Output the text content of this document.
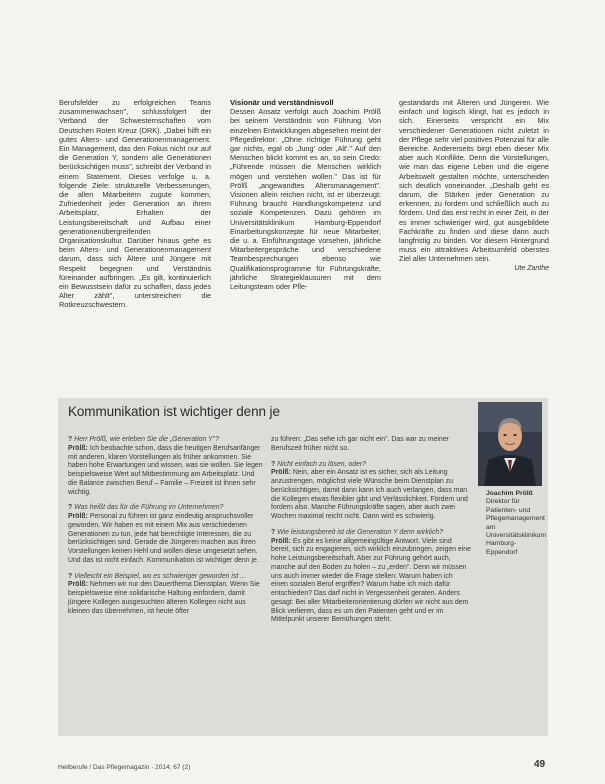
Berufsfelder zu erfolgreichen Teams zusammenwachsen", schlussfolgert der Verband der Schwesternschaften vom Deutschen Roten Kreuz (DRK). „Dabei hilft ein gutes Alters- und Generationenmanagement. Ein Management, das den Fokus nicht nur auf die Generation Y, sondern alle Generationen berücksichtigen muss", schreibt der Verband in einem Statement. Dieses verfolge u. a. folgende Ziele: strukturelle Verbesserungen, die allen Mitarbeitern zugute kommen, Zufriedenheit jeder Generation an ihrem Arbeitsplatz, Erhalten der Leistungsbereitschaft und Aufbau einer generationenübergreifenden Organisationskultur. Darüber hinaus gehe es beim Alters- und Generationenmanagement darum, dass sich Ältere und Jüngere mit Respekt begegnen und Verständnis füreinander aufbringen. „Es gilt, kontinuierlich ein Bewusstsein dafür zu schaffen, dass jedes Alter zählt", unterstreichen die Rotkreuzschwestern.

Visionär und verständnisvoll

Dessen Ansatz verfolgt auch Joachim Prölß bei seinem Verständnis von Führung. Von einzelnen Entwicklungen abgesehen meint der Pflegedirektor: „Ohne richtige Führung geht gar nichts, egal ob ‚Jung' oder ‚Alt'." Auf den Menschen blickt kommt es an, so sein Credo: „Führende müssen die Menschen wirklich mögen und verstehen wollen." Das ist für Prölß „angewandtes Altersmanagement". Visionen allein reichen nicht, ist er überzeugt: Führung braucht Handlungskompetenz und soziale Kompetenzen. Dazu gehören im Universitätsklinikum Hamburg-Eppendorf Einarbeitungskonzepte für neue Mitarbeiter, die u. a. Einführungstage vorsehen, jährliche Mitarbeitergespräche und verschiedene Teambesprechungen ebenso wie Qualifikationsprogramme für Führungskräfte, jährliche Strategieklausuren mit dem Leitungsteam oder Pfle-

gestandards mit Älteren und Jüngeren. Wie einfach und logisch klingt, hat es jedoch in sich. Einerseits verspricht ein Mix verschiedener Generationen nicht zuletzt in der Pflege sehr viel positives Potenzial für alle Bereiche. Andererseits birgt eben dieser Mix aber auch Konflikte. Denn die Vorstellungen, wie man das eigene Leben und die eigene Arbeitswelt gestalten möchte, unterscheiden sich deutlich voneinander. „Deshalb geht es darum, die Stärken jeder Generation zu erkennen, zu fordern und schließlich auch zu fördern. Und das erst recht in einer Zeit, in der es immer schwieriger wird, gut ausgebildete Fachkräfte zu finden und diese dann auch langfristig zu binden. Vor diesem Hintergrund muss ein attraktives Arbeitsumfeld oberstes Ziel aller Unternehmen sein.

Ute Zanthe

Kommunikation ist wichtiger denn je

? Herr Prölß, wie erleben Sie die „Generation Y"?

Prölß: Ich beobachte schon, dass die heutigen Berufsanfänger mit anderen, klaren Vorstellungen als früher ankommen. Sie haben hohe Erwartungen und wissen, was sie wollen. Sie legen beispielsweise Wert auf Mitbestimmung am Arbeitsplatz. Und die Balance zwischen Beruf – Familie – Freizeit ist ihnen sehr wichtig.

? Was heißt das für die Führung im Unternehmen?

Prölß: Personal zu führen ist ganz eindeutig anspruchsvoller geworden. Wir haben es mit einem Mix aus verschiedenen Generationen zu tun, jede hat berechtigte Interessen, die zu berücksichtigen sind. Gerade die Jüngeren machen aus ihren Vorstellungen keinen Hehl und wollen diese umgesetzt sehen. Und das ist nicht einfach. Kommunikation ist wichtiger denn je.

? Vielleicht ein Beispiel, wo es schwieriger geworden ist ...

Prölß: Nehmen wir nur den Dauerthema Dienstplan. Wenn Sie beispielsweise eine solidarische Haltung einfordern, damit jüngere Kollegen ausgesuchten älteren Kollegen nicht aus kleinen das übernehmen, ist heute öfter

zu führen: „Das sehe ich gar nicht ein". Das war zu meiner Berufszeit früher nicht so.

? Nicht einfach zu lösen, oder?

Prölß: Nein, aber ein Ansatz ist es sicher, sich als Leitung anzustrengen, möglichst viele Wünsche beim Dienstplan zu berücksichtigen, damit dann kann ich auch verlangen, dass man die Kollegen etwas flexibler gibt und Verlässlichkeit. Fördern und fordern also. Manche Führungskräfte sagen, aber auch zwei Wochen maximal reicht nicht. Dann wird es schwierig.

? Wie leistungsbereit ist die Generation Y denn wirklich?

Prölß: Es gibt es keine allgemeingültige Antwort. Viele sind bereit, sich zu engagieren, sich wirklich einzubringen, zeigen eine hohe Leistungsbereitschaft. Aber zur Führung gehört auch, manche auf den Boden zu holen – zu „erden". Denn wir müssen uns auch immer wieder die Frage stellen: Warum haben ich einen sozialen Beruf ergriffen? Warum habe ich mich dafür entschieden? Das darf nicht in Vergessenheit geraten. Anders gesagt: Bei aller Mitarbeiterorientierung dürfen wir nicht aus dem Blick verlieren, dass es um den Patienten geht und er im Mittelpunkt unserer Bemühungen steht.

Joachim Prölß
Direktor für Patienten- und Pflegemanagement am Universitätsklinikum Hamburg-Eppendorf
Heilberufe / Das Pflegemagazin · 2014; 67 (2)	49
